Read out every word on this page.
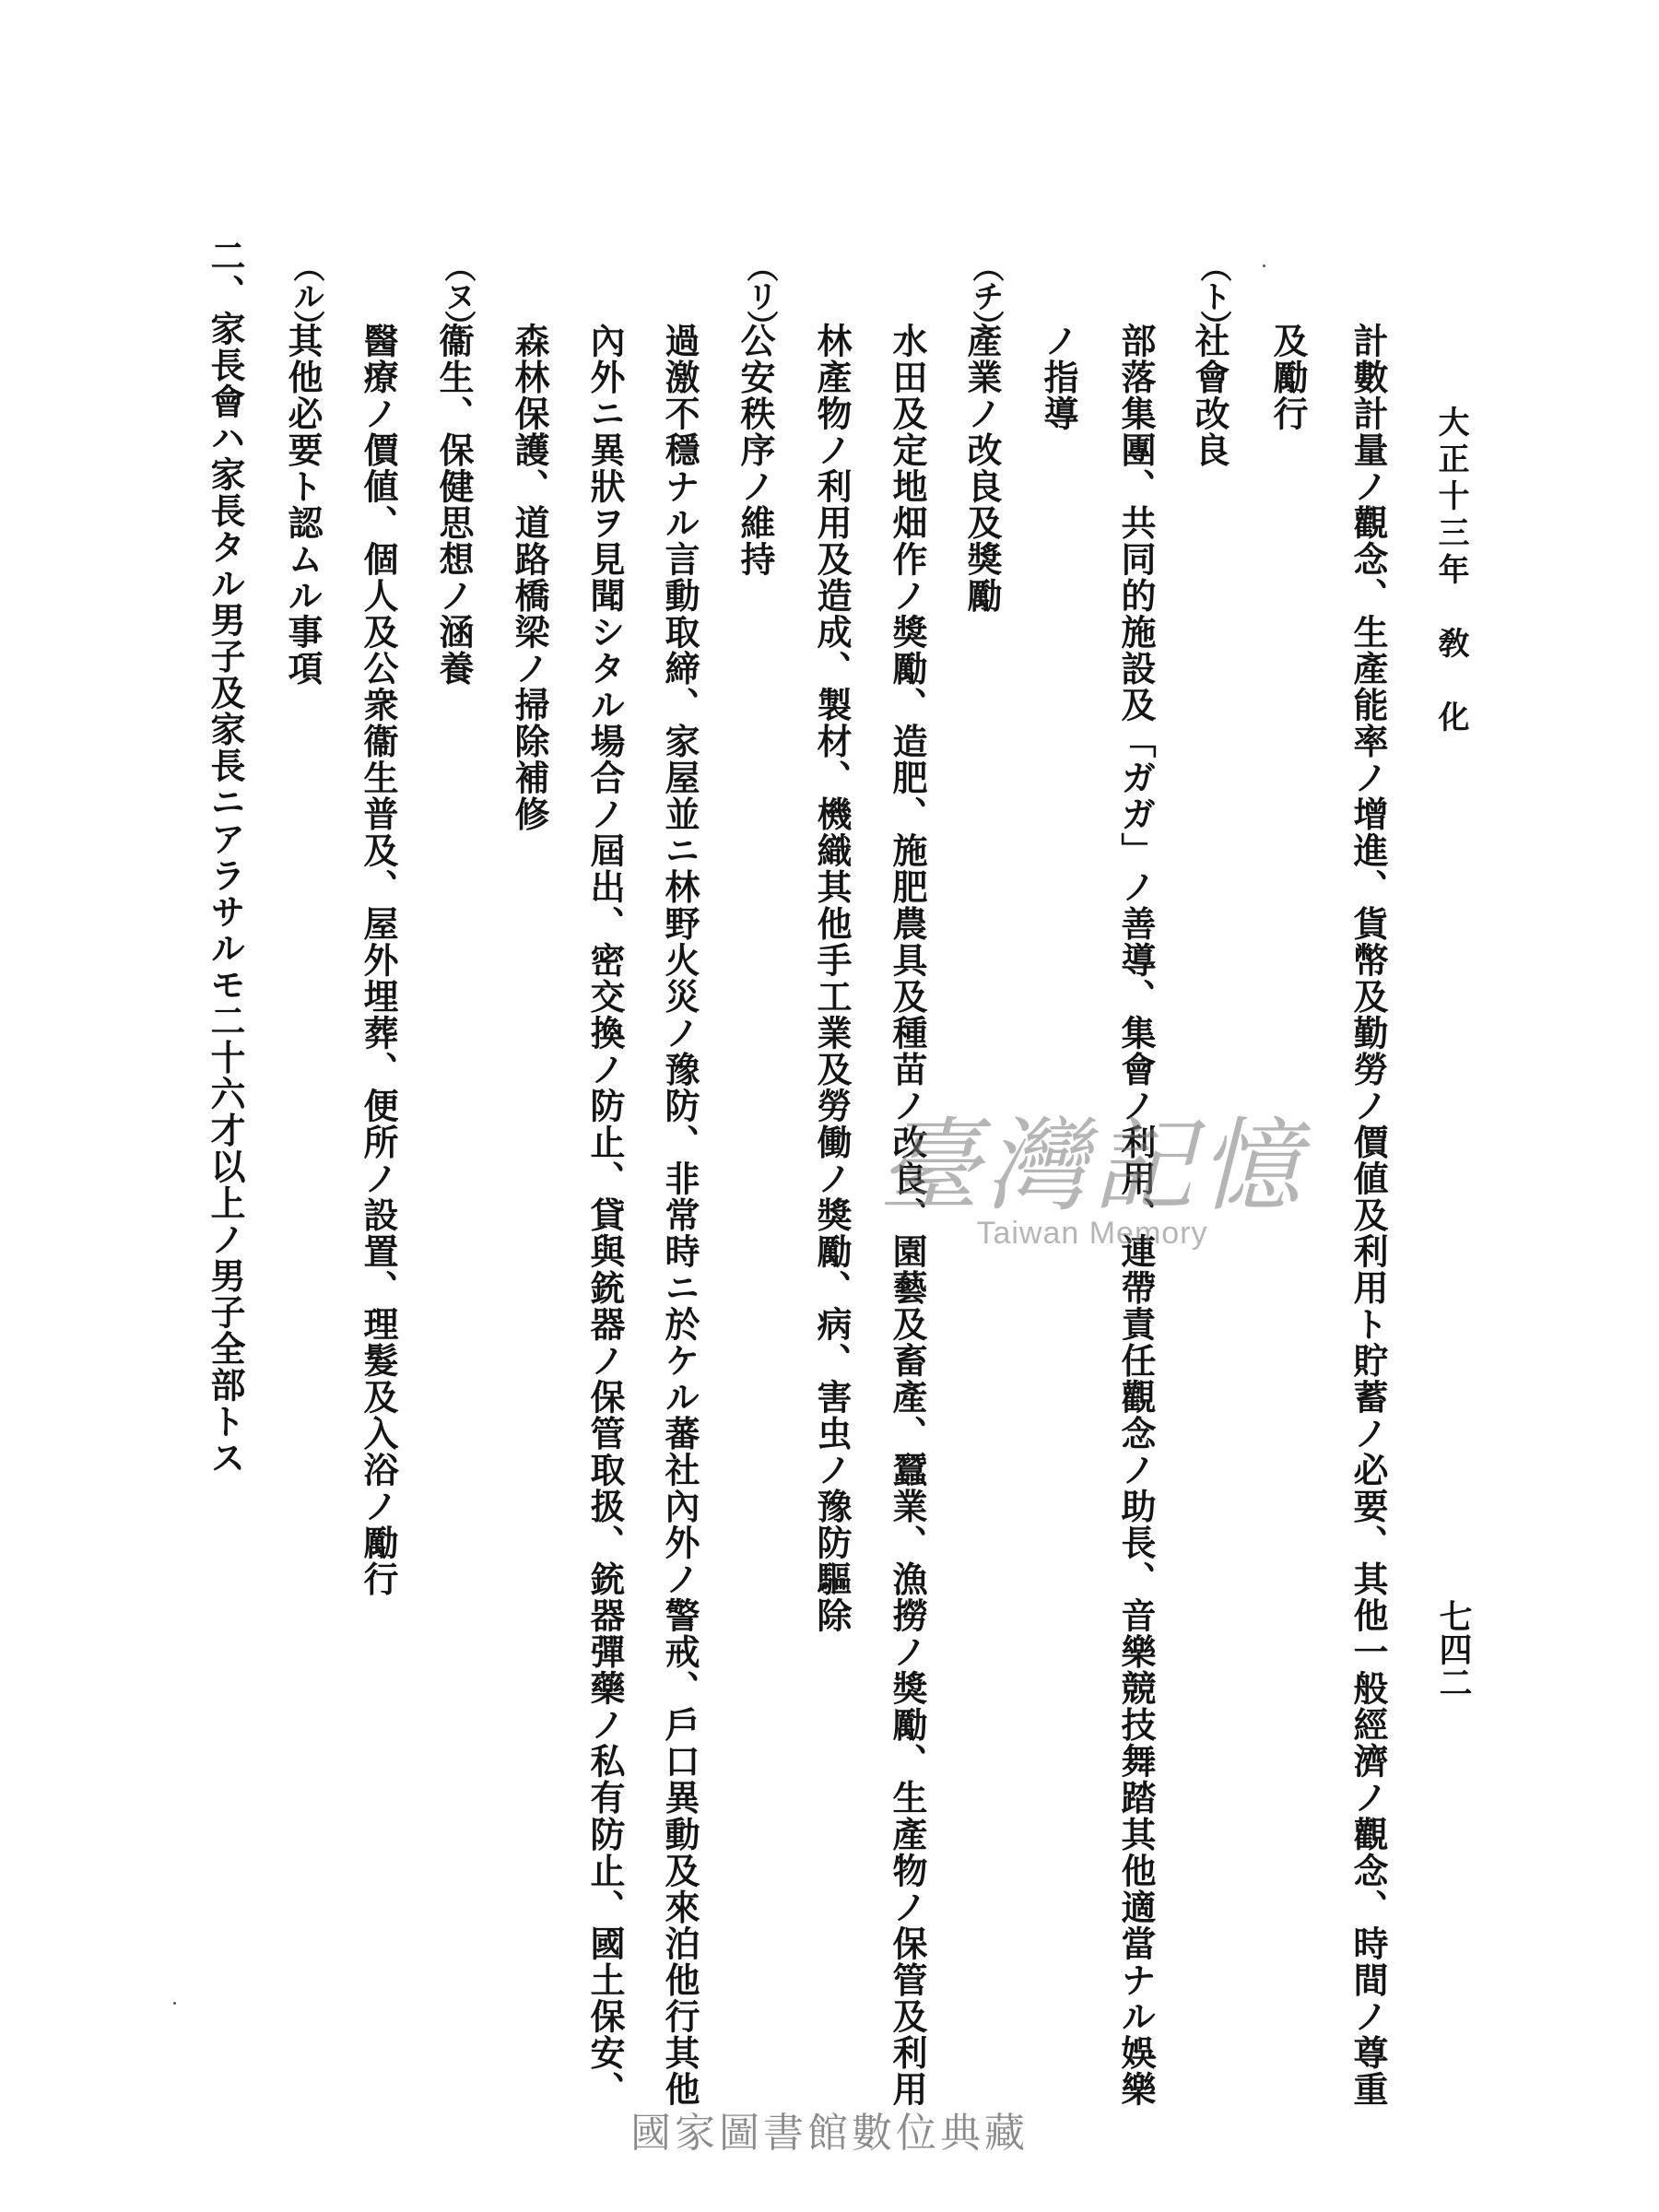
大正十三年　敎　化
七四二
計數計量ノ觀念、生產能率ノ增進、貨幣及勤勞ノ價値及利用ト貯蓄ノ必要、其他一般經濟ノ觀念、時間ノ尊重
及勵行
（ト）
社會改良
部落集團、共同的施設及「ガガ」ノ善導、集會ノ利用、連帶責任觀念ノ助長、音樂競技舞踏其他適當ナル娛樂
ノ指導
（チ）
產業ノ改良及獎勵
水田及定地畑作ノ獎勵、造肥、施肥農具及種苗ノ改良、園藝及畜產、蠶業、漁撈ノ獎勵、生產物ノ保管及利用
林產物ノ利用及造成、製材、機織其他手工業及勞働ノ獎勵、病、害虫ノ豫防驅除
（リ）
公安秩序ノ維持
過激不穩ナル言動取締、家屋並ニ林野火災ノ豫防、非常時ニ於ケル蕃社內外ノ警戒、戶口異動及來泊他行其他
內外ニ異狀ヲ見聞シタル場合ノ屆出、密交換ノ防止、貸與銃器ノ保管取扱、銃器彈藥ノ私有防止、國土保安、
森林保護、道路橋梁ノ掃除補修
（ヌ）
衞生、保健思想ノ涵養
醫療ノ價値、個人及公衆衞生普及、屋外埋葬、便所ノ設置、理髮及入浴ノ勵行
（ル）
其他必要ト認ムル事項
二、家長會ハ家長タル男子及家長ニアラサルモ二十六才以上ノ男子全部トス	臺灣記憶
Taiwan Memory
國家圖書館數位典藏
